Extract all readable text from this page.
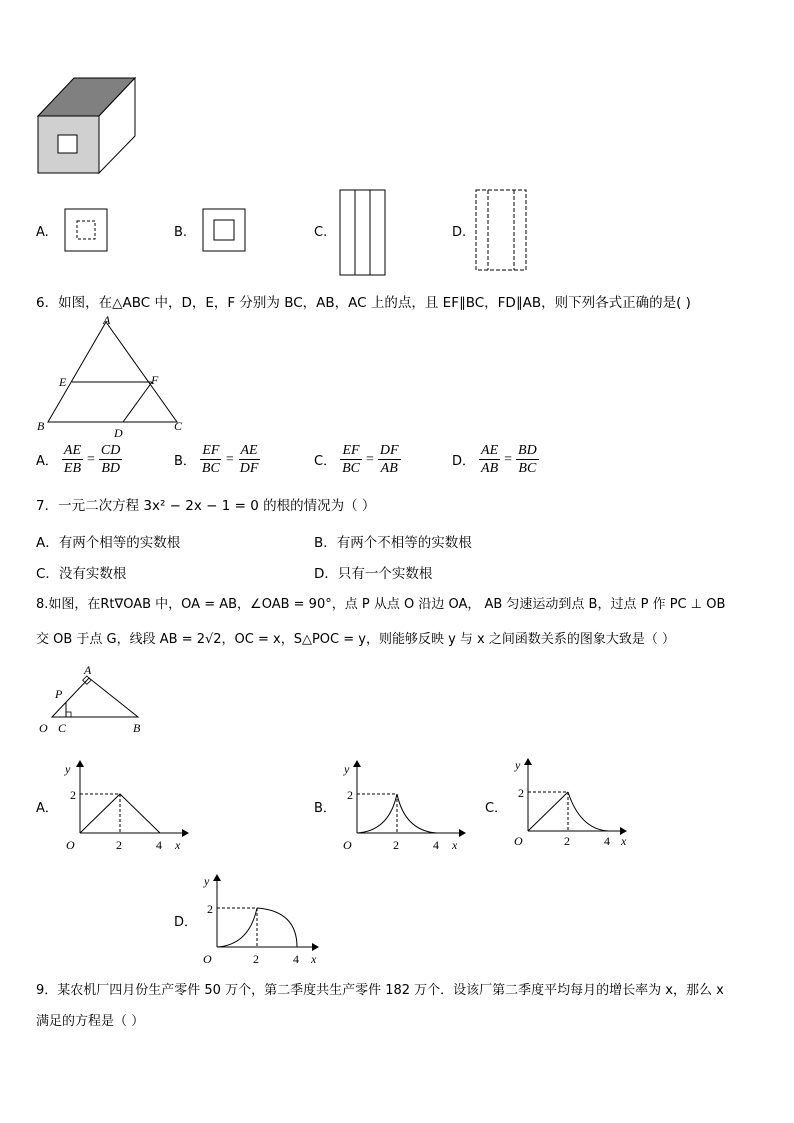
A.	B.	C.	D.
6．如图，在△ABC 中，D，E，F 分别为 BC，AB，AC 上的点，且 EF∥BC，FD∥AB，则下列各式正确的是( )
A
E	F
B	C
D
A． $\frac{AE}{EB} = \frac{CD}{BD}$	B． $\frac{EF}{BC} = \frac{AE}{DF}$	C． $\frac{EF}{BC} = \frac{DF}{AB}$	D． $\frac{AE}{AB} = \frac{BD}{BC}$
7．一元二次方程 3x² − 2x − 1 = 0 的根的情况为（ ）
A．有两个相等的实数根	B．有两个不相等的实数根
C．没有实数根	D．只有一个实数根
8.如图，在Rt∇OAB 中，OA = AB，∠OAB = 90°，点 P 从点 O 沿边 OA， AB 匀速运动到点 B，过点 P 作 PC ⊥ OB
交 OB 于点 G，线段 AB = 2√2，OC = x，S△POC = y，则能够反映 y 与 x 之间函数关系的图象大致是（ ）
A
P
O C	B
A．
y
2
O	2	4 x
B．
y
2
O	2	4 x
C．
y
2
O	2	4 x
D．
y
2
O	2	4 x
9．某农机厂四月份生产零件 50 万个，第二季度共生产零件 182 万个．设该厂第二季度平均每月的增长率为 x，那么 x
满足的方程是（ ）
